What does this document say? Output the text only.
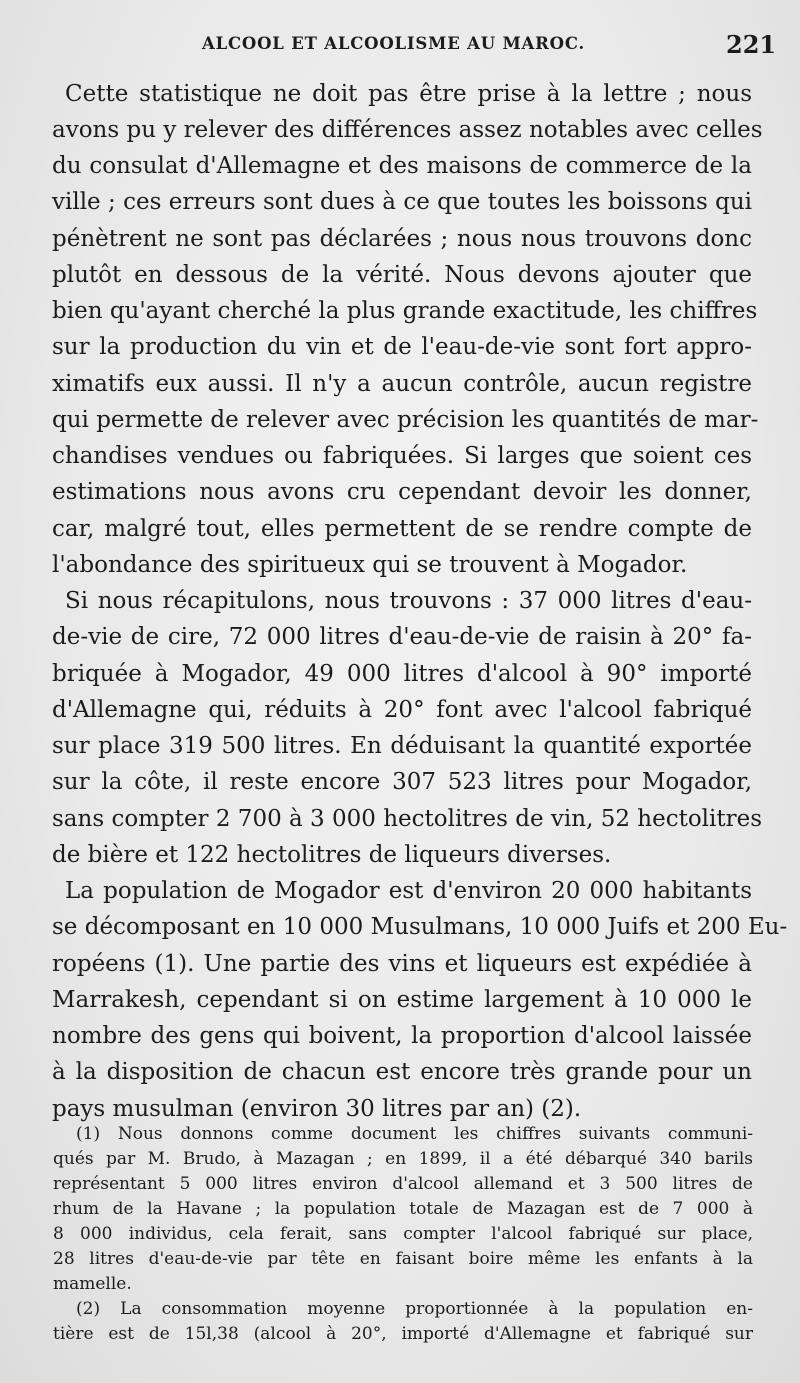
ALCOOL ET ALCOOLISME AU MAROC.	221
Cette statistique ne doit pas être prise à la lettre ; nous
avons pu y relever des différences assez notables avec celles
du consulat d'Allemagne et des maisons de commerce de la
ville ; ces erreurs sont dues à ce que toutes les boissons qui
pénètrent ne sont pas déclarées ; nous nous trouvons donc
plutôt en dessous de la vérité. Nous devons ajouter que
bien qu'ayant cherché la plus grande exactitude, les chiffres
sur la production du vin et de l'eau-de-vie sont fort appro-
ximatifs eux aussi. Il n'y a aucun contrôle, aucun registre
qui permette de relever avec précision les quantités de mar-
chandises vendues ou fabriquées. Si larges que soient ces
estimations nous avons cru cependant devoir les donner,
car, malgré tout, elles permettent de se rendre compte de
l'abondance des spiritueux qui se trouvent à Mogador.
Si nous récapitulons, nous trouvons : 37 000 litres d'eau-
de-vie de cire, 72 000 litres d'eau-de-vie de raisin à 20° fa-
briquée à Mogador, 49 000 litres d'alcool à 90° importé
d'Allemagne qui, réduits à 20° font avec l'alcool fabriqué
sur place 319 500 litres. En déduisant la quantité exportée
sur la côte, il reste encore 307 523 litres pour Mogador,
sans compter 2 700 à 3 000 hectolitres de vin, 52 hectolitres
de bière et 122 hectolitres de liqueurs diverses.
La population de Mogador est d'environ 20 000 habitants
se décomposant en 10 000 Musulmans, 10 000 Juifs et 200 Eu-
ropéens (1). Une partie des vins et liqueurs est expédiée à
Marrakesh, cependant si on estime largement à 10 000 le
nombre des gens qui boivent, la proportion d'alcool laissée
à la disposition de chacun est encore très grande pour un
pays musulman (environ 30 litres par an) (2).
(1) Nous donnons comme document les chiffres suivants communi-
qués par M. Brudo, à Mazagan ; en 1899, il a été débarqué 340 barils
représentant 5 000 litres environ d'alcool allemand et 3 500 litres de
rhum de la Havane ; la population totale de Mazagan est de 7 000 à
8 000 individus, cela ferait, sans compter l'alcool fabriqué sur place,
28 litres d'eau-de-vie par tête en faisant boire même les enfants à la
mamelle.
(2) La consommation moyenne proportionnée à la population en-
tière est de 15l,38 (alcool à 20°, importé d'Allemagne et fabriqué sur
